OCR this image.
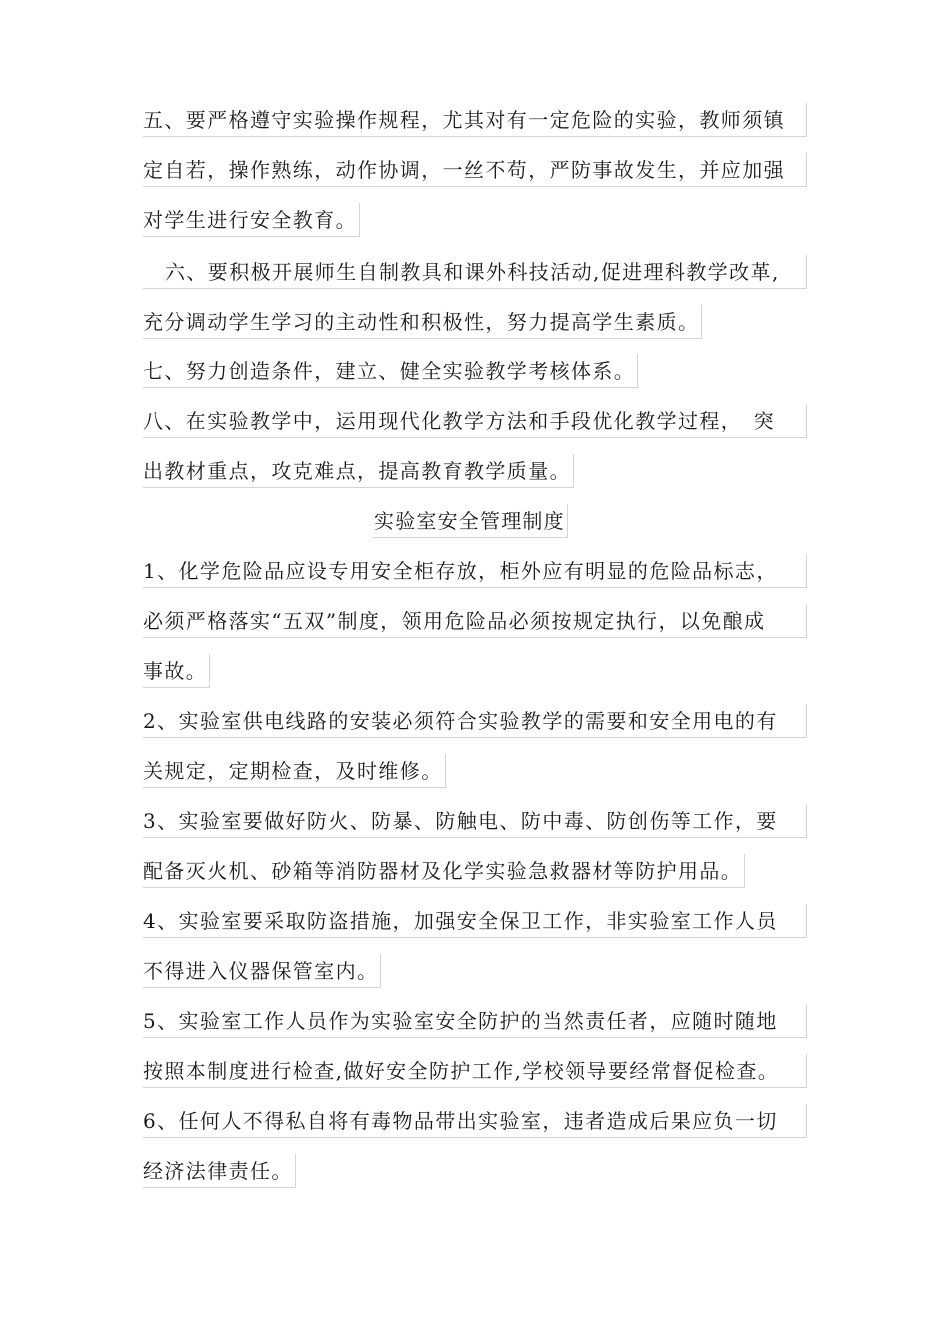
五、要严格遵守实验操作规程，尤其对有一定危险的实验，教师须镇
定自若，操作熟练，动作协调，一丝不苟，严防事故发生，并应加强
对学生进行安全教育。
六、要积极开展师生自制教具和课外科技活动,促进理科教学改革,
充分调动学生学习的主动性和积极性，努力提高学生素质。
七、努力创造条件，建立、健全实验教学考核体系。
八、在实验教学中，运用现代化教学方法和手段优化教学过程，　突
出教材重点，攻克难点，提高教育教学质量。
实验室安全管理制度
1、化学危险品应设专用安全柜存放，柜外应有明显的危险品标志，
必须严格落实“五双”制度，领用危险品必须按规定执行，以免酿成
事故。
2、实验室供电线路的安装必须符合实验教学的需要和安全用电的有
关规定，定期检查，及时维修。
3、实验室要做好防火、防暴、防触电、防中毒、防创伤等工作，要
配备灭火机、砂箱等消防器材及化学实验急救器材等防护用品。
4、实验室要采取防盗措施，加强安全保卫工作，非实验室工作人员
不得进入仪器保管室内。
5、实验室工作人员作为实验室安全防护的当然责任者，应随时随地
按照本制度进行检查,做好安全防护工作,学校领导要经常督促检查。
6、任何人不得私自将有毒物品带出实验室，违者造成后果应负一切
经济法律责任。
